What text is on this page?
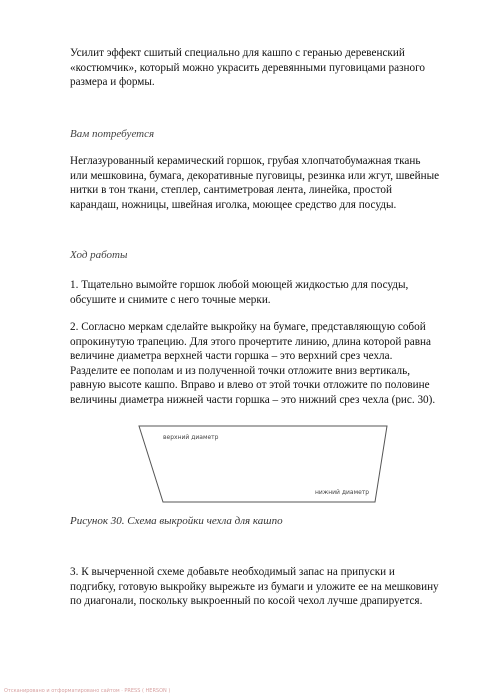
Усилит эффект сшитый специально для кашпо с геранью деревенский «костюмчик», который можно украсить деревянными пуговицами разного размера и формы.

Вам потребуется

Неглазурованный керамический горшок, грубая хлопчатобумажная ткань или мешковина, бумага, декоративные пуговицы, резинка или жгут, швейные нитки в тон ткани, степлер, сантиметровая лента, линейка, простой карандаш, ножницы, швейная иголка, моющее средство для посуды.

Ход работы

1. Тщательно вымойте горшок любой моющей жидкостью для посуды, обсушите и снимите с него точные мерки.

2. Согласно меркам сделайте выкройку на бумаге, представляющую собой опрокинутую трапецию. Для этого прочертите линию, длина которой равна величине диаметра верхней части горшка – это верхний срез чехла. Разделите ее пополам и из полученной точки отложите вниз вертикаль, равную высоте кашпо. Вправо и влево от этой точки отложите по половине величины диаметра нижней части горшка – это нижний срез чехла (рис. 30).

верхний диаметр
нижний диаметр

Рисунок 30. Схема выкройки чехла для кашпо

3. К вычерченной схеме добавьте необходимый запас на припуски и подгибку, готовую выкройку вырежьте из бумаги и уложите ее на мешковину по диагонали, поскольку выкроенный по косой чехол лучше драпируется.

Отсканировано и отформатировано сайтом · PRESS ( HERSON )
